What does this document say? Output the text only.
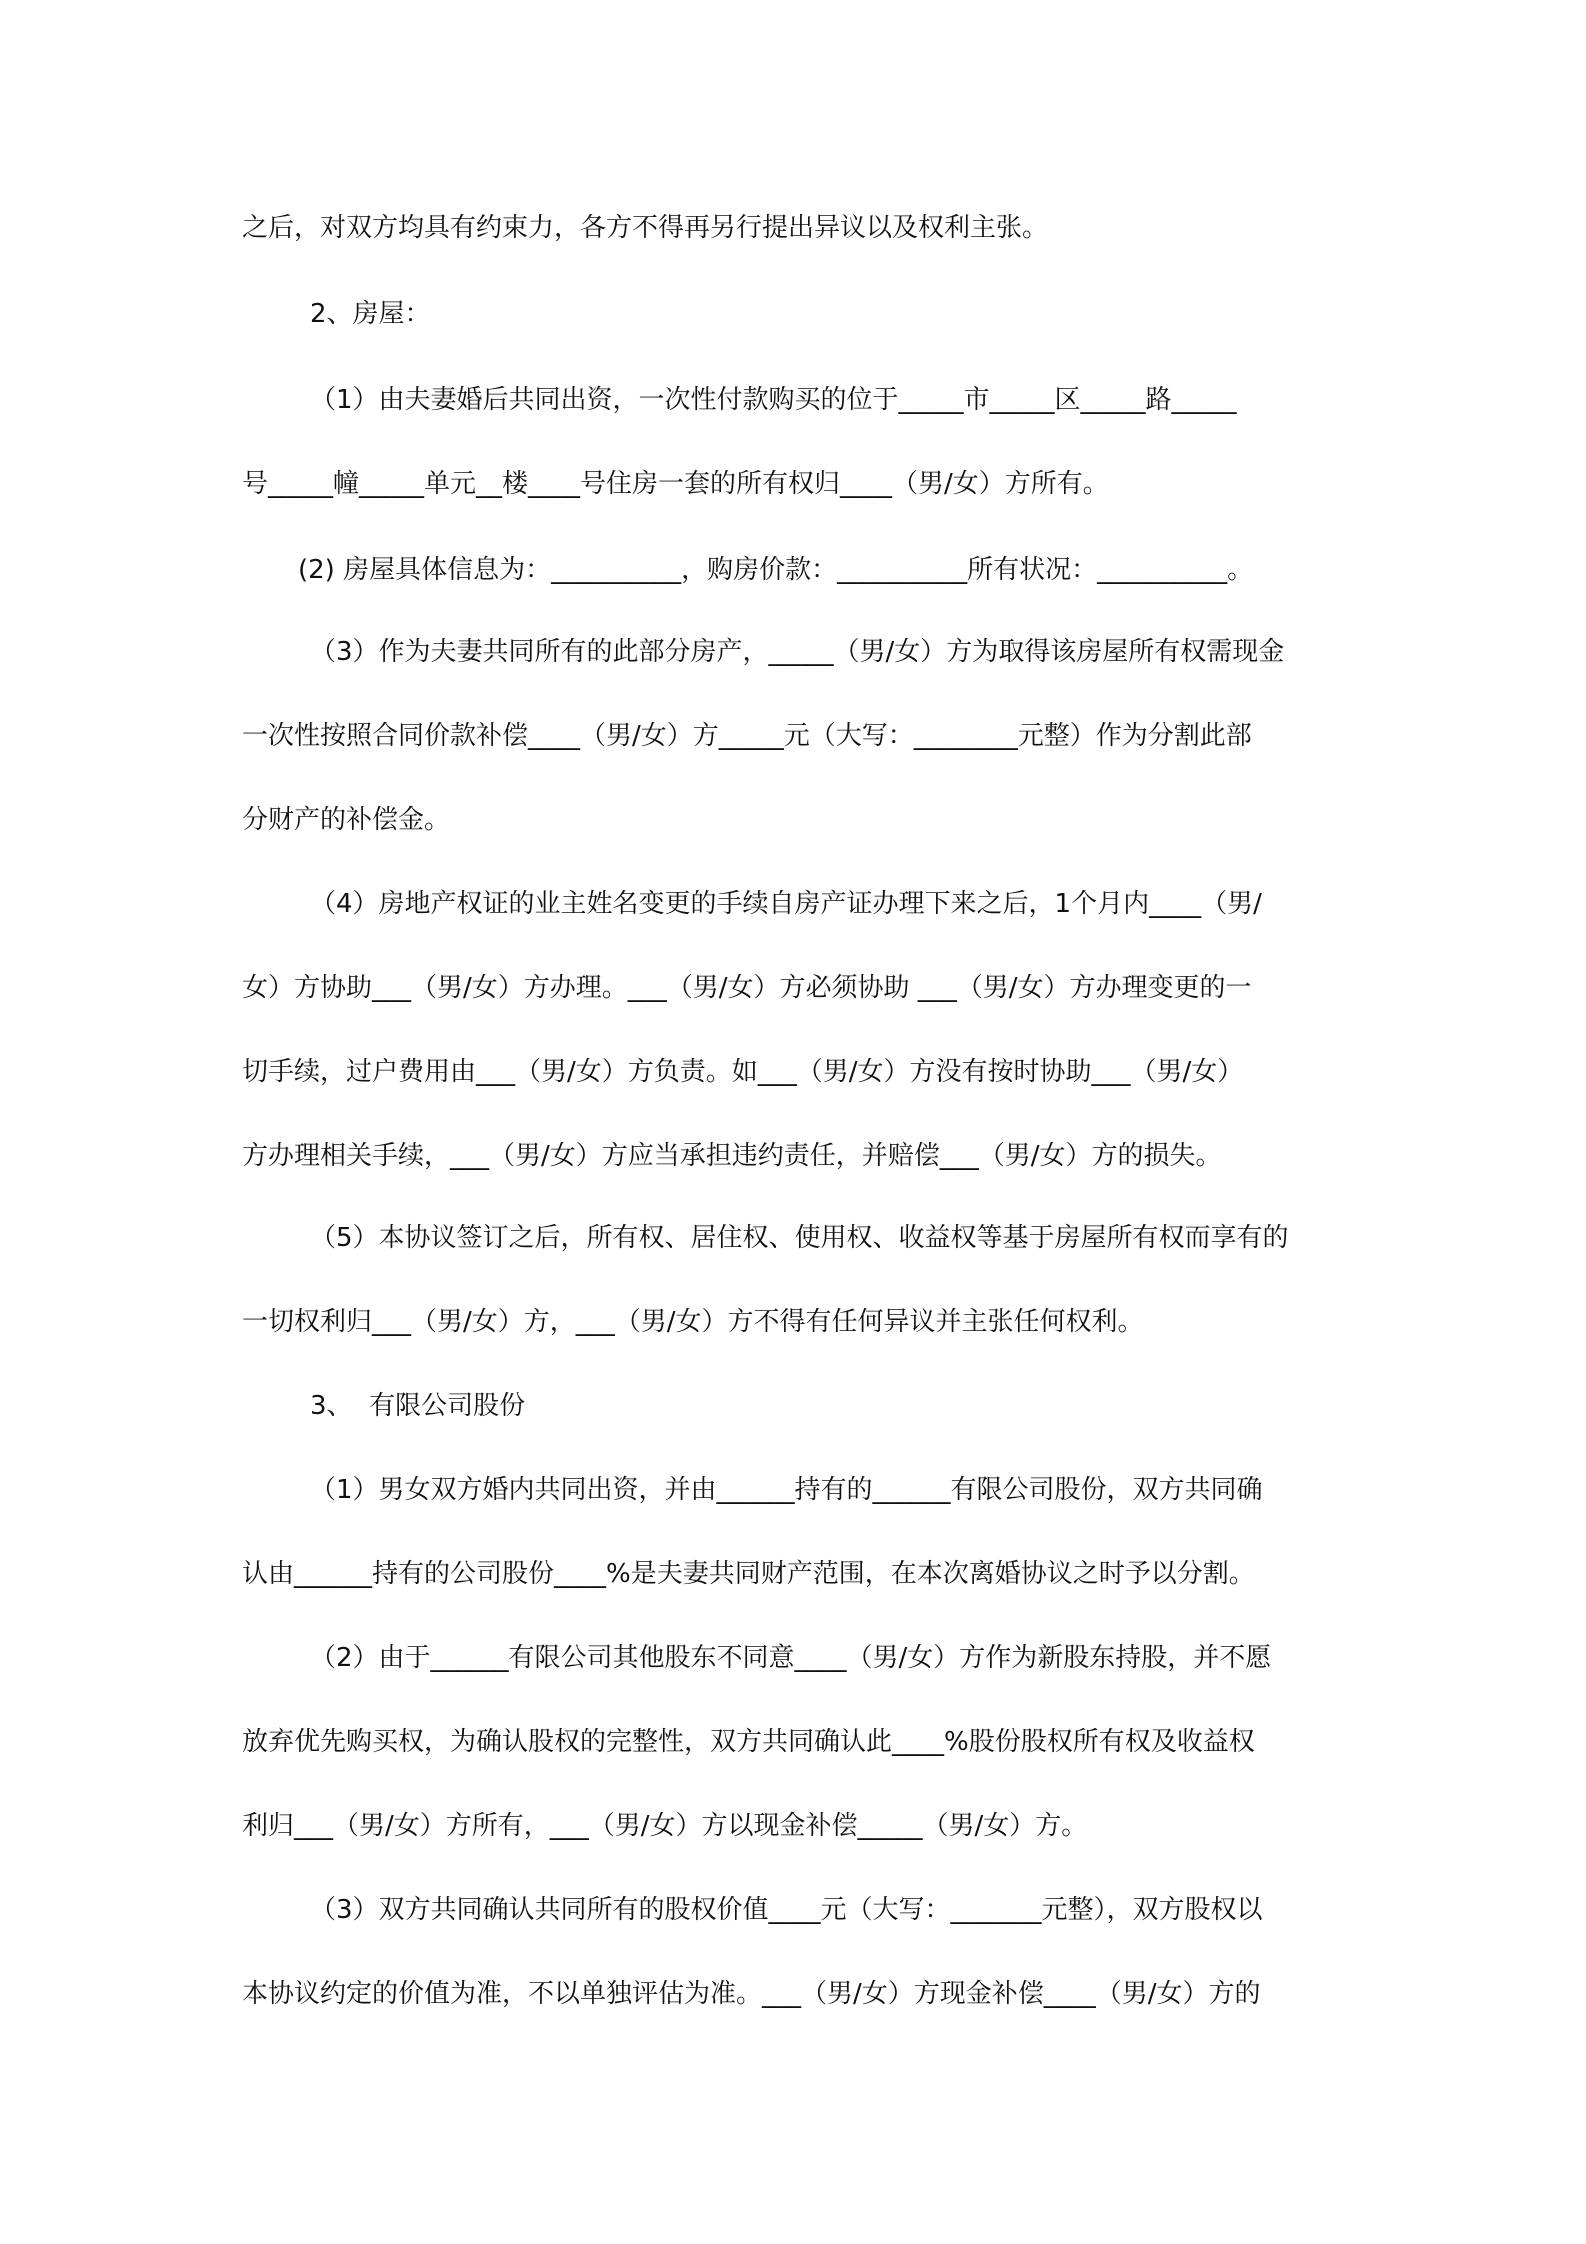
之后，对双方均具有约束力，各方不得再另行提出异议以及权利主张。
2、房屋：
（1）由夫妻婚后共同出资，一次性付款购买的位于_____市_____区_____路_____
号_____幢_____单元__楼____号住房一套的所有权归____（男/女）方所有。
(2) 房屋具体信息为：__________，购房价款：__________所有状况：__________。
（3）作为夫妻共同所有的此部分房产，_____（男/女）方为取得该房屋所有权需现金
一次性按照合同价款补偿____（男/女）方_____元（大写：________元整）作为分割此部
分财产的补偿金。
（4）房地产权证的业主姓名变更的手续自房产证办理下来之后，1个月内____（男/
女）方协助___（男/女）方办理。___（男/女）方必须协助 ___（男/女）方办理变更的一
切手续，过户费用由___（男/女）方负责。如___（男/女）方没有按时协助___（男/女）
方办理相关手续，___（男/女）方应当承担违约责任，并赔偿___（男/女）方的损失。
（5）本协议签订之后，所有权、居住权、使用权、收益权等基于房屋所有权而享有的
一切权利归___（男/女）方，___（男/女）方不得有任何异议并主张任何权利。
3、  有限公司股份
（1）男女双方婚内共同出资，并由______持有的______有限公司股份，双方共同确
认由______持有的公司股份____%是夫妻共同财产范围，在本次离婚协议之时予以分割。
（2）由于______有限公司其他股东不同意____（男/女）方作为新股东持股，并不愿
放弃优先购买权，为确认股权的完整性，双方共同确认此____%股份股权所有权及收益权
利归___（男/女）方所有，___（男/女）方以现金补偿_____（男/女）方。
（3）双方共同确认共同所有的股权价值____元（大写：_______元整），双方股权以
本协议约定的价值为准，不以单独评估为准。___（男/女）方现金补偿____（男/女）方的
